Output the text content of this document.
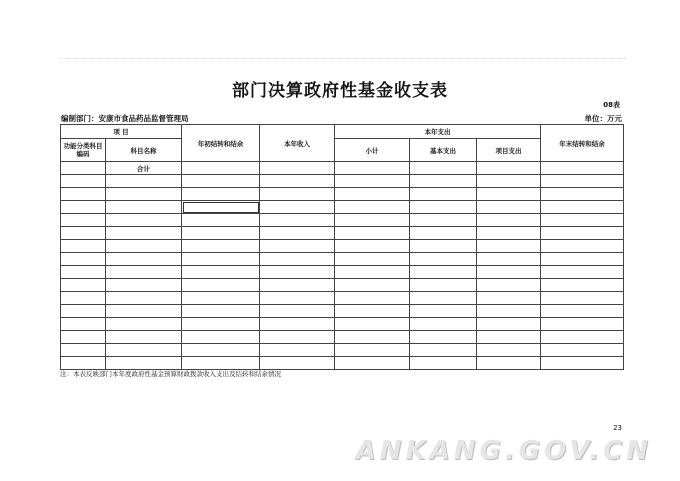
部门决算政府性基金收支表
08表
编制部门：安康市食品药品监督管理局	单位：万元
项 目		年初结转和结余	本年收入	本年支出			年末结转和结余
功能分类科目编码	科目名称			小计	基本支出	项目支出	
	合计						

注：本表反映部门本年度政府性基金预算财政拨款收入支出及结转和结余情况
23
ANKANG.GOV.CN
